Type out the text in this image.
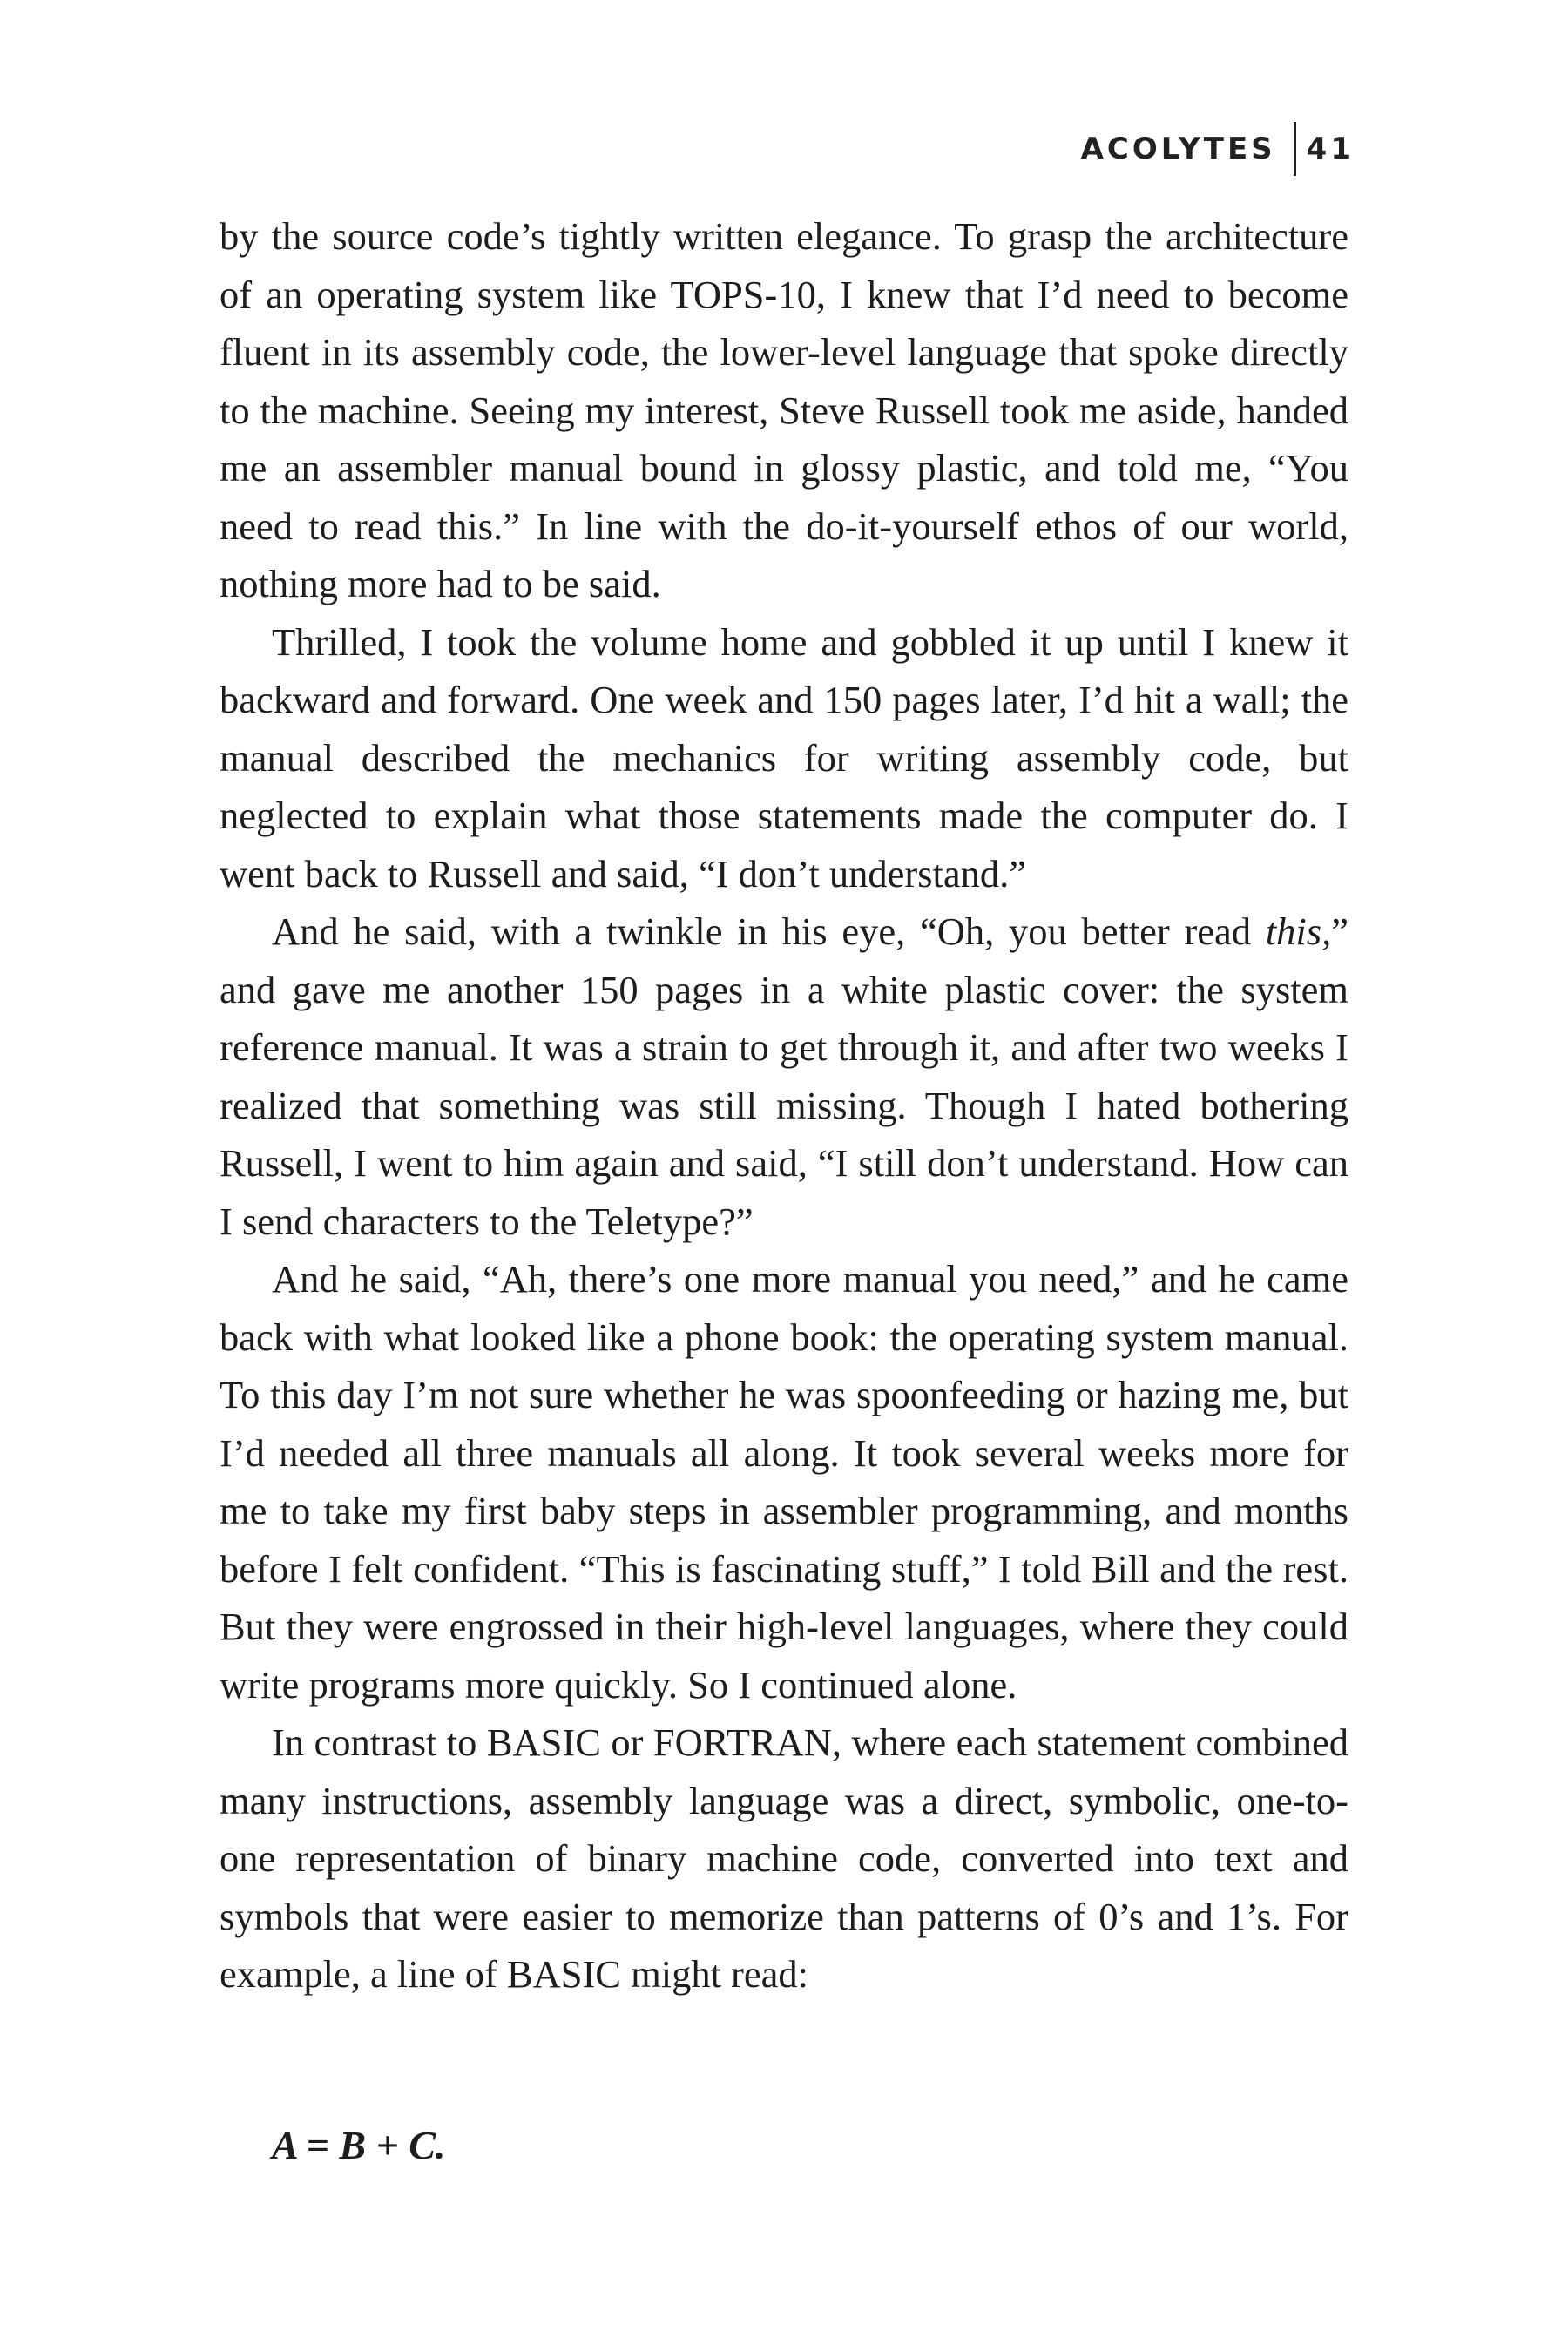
ACOLYTES 41

by the source code’s tightly written elegance. To grasp the architecture of an operating system like TOPS-10, I knew that I’d need to become fluent in its assembly code, the lower-level language that spoke directly to the machine. Seeing my interest, Steve Russell took me aside, handed me an assembler manual bound in glossy plastic, and told me, “You need to read this.” In line with the do-it-yourself ethos of our world, nothing more had to be said.

Thrilled, I took the volume home and gobbled it up until I knew it backward and forward. One week and 150 pages later, I’d hit a wall; the manual described the mechanics for writing assembly code, but neglected to explain what those statements made the computer do. I went back to Russell and said, “I don’t understand.”

And he said, with a twinkle in his eye, “Oh, you better read this,” and gave me another 150 pages in a white plastic cover: the system reference manual. It was a strain to get through it, and after two weeks I realized that something was still missing. Though I hated bothering Russell, I went to him again and said, “I still don’t understand. How can I send characters to the Teletype?”

And he said, “Ah, there’s one more manual you need,” and he came back with what looked like a phone book: the operating system manual. To this day I’m not sure whether he was spoonfeeding or hazing me, but I’d needed all three manuals all along. It took several weeks more for me to take my first baby steps in assembler programming, and months before I felt confident. “This is fascinating stuff,” I told Bill and the rest. But they were engrossed in their high-level languages, where they could write programs more quickly. So I continued alone.

In contrast to BASIC or FORTRAN, where each statement combined many instructions, assembly language was a direct, symbolic, one-to-one representation of binary machine code, converted into text and symbols that were easier to memorize than patterns of 0’s and 1’s. For example, a line of BASIC might read:

A = B + C.
